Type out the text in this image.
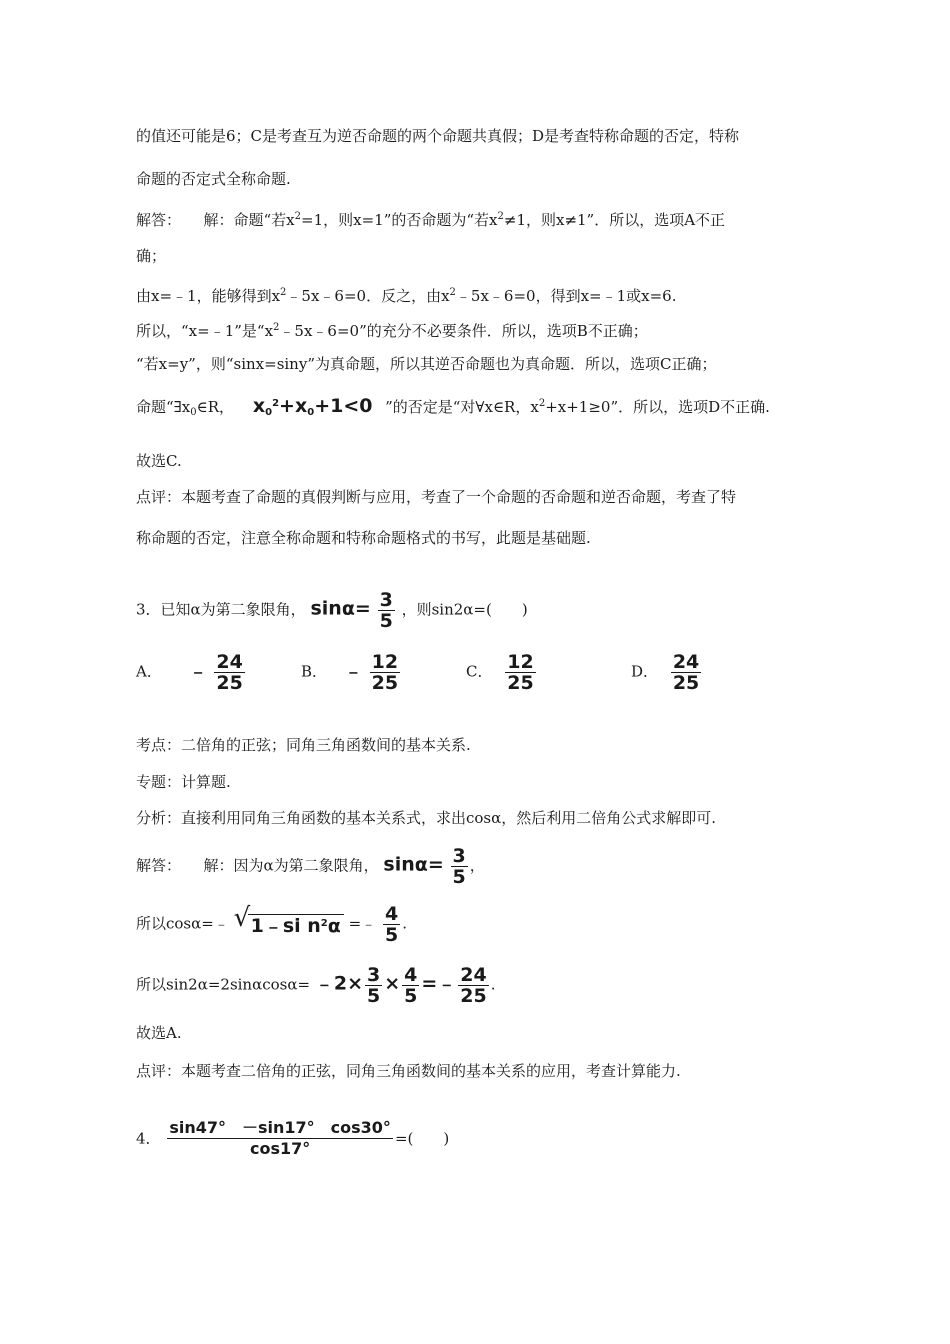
的值还可能是6；C是考查互为逆否命题的两个命题共真假；D是考查特称命题的否定，特称
命题的否定式全称命题.
解答：　　解：命题“若$x^2=1$，则x=1”的否命题为“若$x^2\ne 1$，则x≠1”．所以，选项A不正
确；
由x=﹣1，能够得到$x^2﹣5x﹣6=0$．反之，由$x^2﹣5x﹣6=0$，得到x=﹣1或x=6.
所以，“x=﹣1”是“$x^2﹣5x﹣6=0$”的充分不必要条件．所以，选项B不正确；
“若x=y”，则“sinx=siny”为真命题，所以其逆否命题也为真命题．所以，选项C正确；
命题“$\exists x_0\in R$， $x_0^2+x_0+1<0$ ”的否定是“对∀x∈R，$x^2+x+1\ge 0$”．所以，选项D不正确.
故选C.
点评：本题考查了命题的真假判断与应用，考查了一个命题的否命题和逆否命题，考查了特
称命题的否定，注意全称命题和特称命题格式的书写，此题是基础题.
3．已知α为第二象限角， $\sin\alpha= \frac{3}{5}$ ，则sin2α=(　　)
A． ﹣ $\frac{24}{25}$	B． ﹣ $\frac{12}{25}$	C． $\frac{12}{25}$	D． $\frac{24}{25}$
考点：二倍角的正弦；同角三角函数间的基本关系.
专题：计算题.
分析：直接利用同角三角函数的基本关系式，求出cosα，然后利用二倍角公式求解即可.
解答：　　解：因为α为第二象限角， $\sin\alpha= \frac{3}{5}$ ，
所以cosα=﹣ √ 1﹣si $n^2\alpha$ =﹣ $\frac{4}{5}$ .
所以sin2α=2sinαcosα= ﹣2× $\frac{3}{5} \times \frac{4}{5}$ =﹣ $\frac{24}{25}$ .
故选A.
点评：本题考查二倍角的正弦，同角三角函数间的基本关系的应用，考查计算能力.
4． $\frac{\sin 47^\circ -\sin 17^\circ \cos 30^\circ}{\cos 17^\circ}$ =(　　)
